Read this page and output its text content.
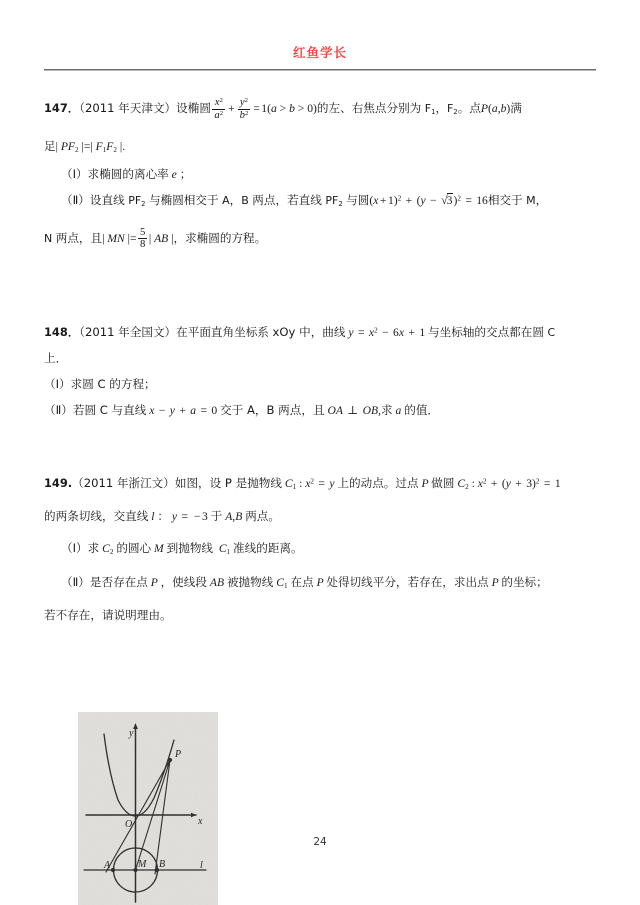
红鱼学长
147．（2011 年天津文）设椭圆 $\frac{x^2}{a^2} + \frac{y^2}{b^2} = 1(a > b > 0)$的左、右焦点分别为 $F_1$，$F_2$。点P(a,b)满
足| $PF_2$ |=| $F_1F_2$ |.
（Ⅰ）求椭圆的离心率 e ；
（Ⅱ）设直线 $PF_2$ 与椭圆相交于 A，B 两点，若直线 $PF_2$ 与圆$(x + 1)^2 + (y - √3)^2 = 16$相交于 M，
N 两点，且| MN |= $\frac{5}{8}$ | AB |，求椭圆的方程。
148．（2011 年全国文）在平面直角坐标系 xOy 中，曲线 $y = x^2 - 6x + 1$ 与坐标轴的交点都在圆 C
上．
（Ⅰ）求圆 C 的方程；
（Ⅱ）若圆 C 与直线 x − y + a = 0 交于 A，B 两点，且 OA ⊥ OB,求 a 的值．
149.（2011 年浙江文）如图，设 P 是抛物线 $C_1$ : $x^2 = y$ 上的动点。过点 P 做圆 $C_2$ : $x^2 + (y + 3)^2 = 1$
的两条切线，交直线 l ： y = − 3 于 A,B 两点。
（Ⅰ）求 $C_2$ 的圆心 M 到抛物线 $C_1$ 准线的距离。
（Ⅱ）是否存在点 P ，使线段 AB 被抛物线 $C_1$ 在点 P 处得切线平分，若存在，求出点 P 的坐标；
若不存在，请说明理由。
y
x
O
P
A	M B	l
24
